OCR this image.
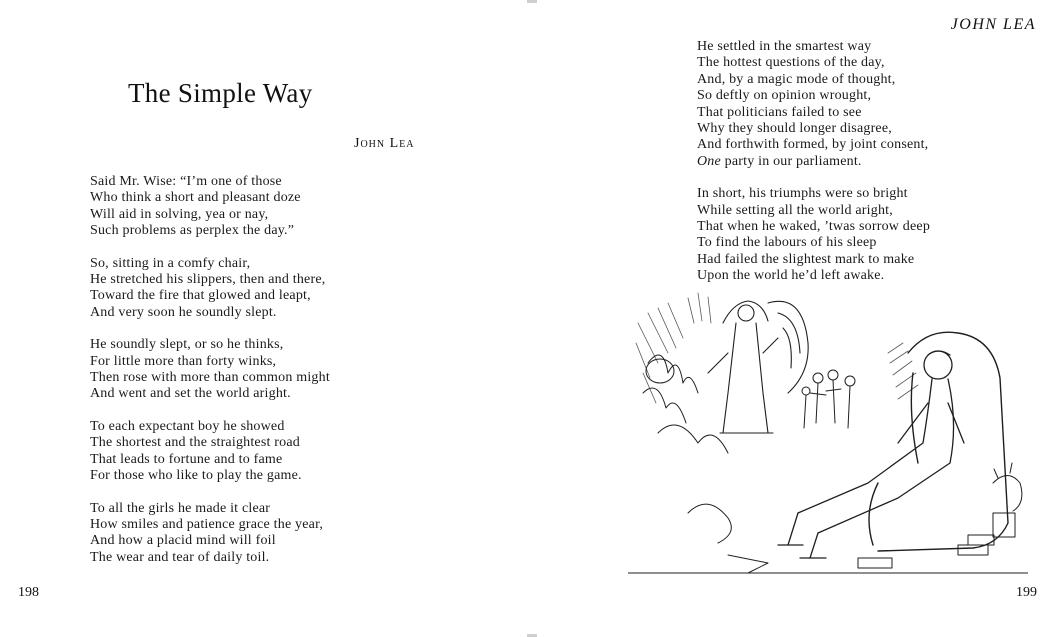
The Simple Way

John Lea

Said Mr. Wise: “I’m one of those
Who think a short and pleasant doze
Will aid in solving, yea or nay,
Such problems as perplex the day.”

So, sitting in a comfy chair,
He stretched his slippers, then and there,
Toward the fire that glowed and leapt,
And very soon he soundly slept.

He soundly slept, or so he thinks,
For little more than forty winks,
Then rose with more than common might
And went and set the world aright.

To each expectant boy he showed
The shortest and the straightest road
That leads to fortune and to fame
For those who like to play the game.

To all the girls he made it clear
How smiles and patience grace the year,
And how a placid mind will foil
The wear and tear of daily toil.

198

JOHN LEA

He settled in the smartest way
The hottest questions of the day,
And, by a magic mode of thought,
So deftly on opinion wrought,
That politicians failed to see
Why they should longer disagree,
And forthwith formed, by joint consent,
One party in our parliament.

In short, his triumphs were so bright
While setting all the world aright,
That when he waked, ’twas sorrow deep
To find the labours of his sleep
Had failed the slightest mark to make
Upon the world he’d left awake.

199
